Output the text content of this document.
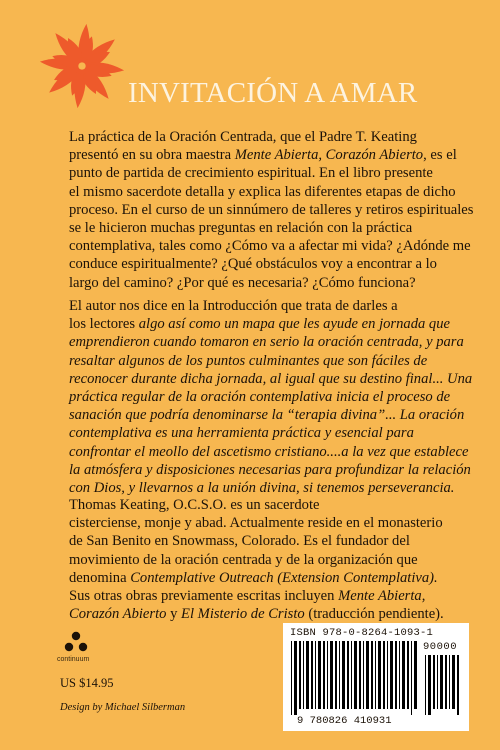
INVITACIÓN A AMAR

La práctica de la Oración Centrada, que el Padre T. Keating
presentó en su obra maestra Mente Abierta, Corazón Abierto, es el
punto de partida de crecimiento espiritual. En el libro presente
el mismo sacerdote detalla y explica las diferentes etapas de dicho
proceso. En el curso de un sinnúmero de talleres y retiros espirituales
se le hicieron muchas preguntas en relación con la práctica
contemplativa, tales como ¿Cómo va a afectar mi vida? ¿Adónde me
conduce espiritualmente? ¿Qué obstáculos voy a encontrar a lo
largo del camino? ¿Por qué es necesaria? ¿Cómo funciona?

El autor nos dice en la Introducción que trata de darles a
los lectores algo así como un mapa que les ayude en jornada que
emprendieron cuando tomaron en serio la oración centrada, y para
resaltar algunos de los puntos culminantes que son fáciles de
reconocer durante dicha jornada, al igual que su destino final... Una
práctica regular de la oración contemplativa inicia el proceso de
sanación que podría denominarse la “terapia divina”... La oración
contemplativa es una herramienta práctica y esencial para
confrontar el meollo del ascetismo cristiano....a la vez que establece
la atmósfera y disposiciones necesarias para profundizar la relación
con Dios, y llevarnos a la unión divina, si tenemos perseverancia.

Thomas Keating, O.C.S.O. es un sacerdote
cisterciense, monje y abad. Actualmente reside en el monasterio
de San Benito en Snowmass, Colorado. Es el fundador del
movimiento de la oración centrada y de la organización que
denomina Contemplative Outreach (Extension Contemplativa).
Sus otras obras previamente escritas incluyen Mente Abierta,
Corazón Abierto y El Misterio de Cristo (traducción pendiente).

continuum
US $14.95
Design by Michael Silberman
ISBN 978-0-8264-1093-1
90000
9 780826 410931
